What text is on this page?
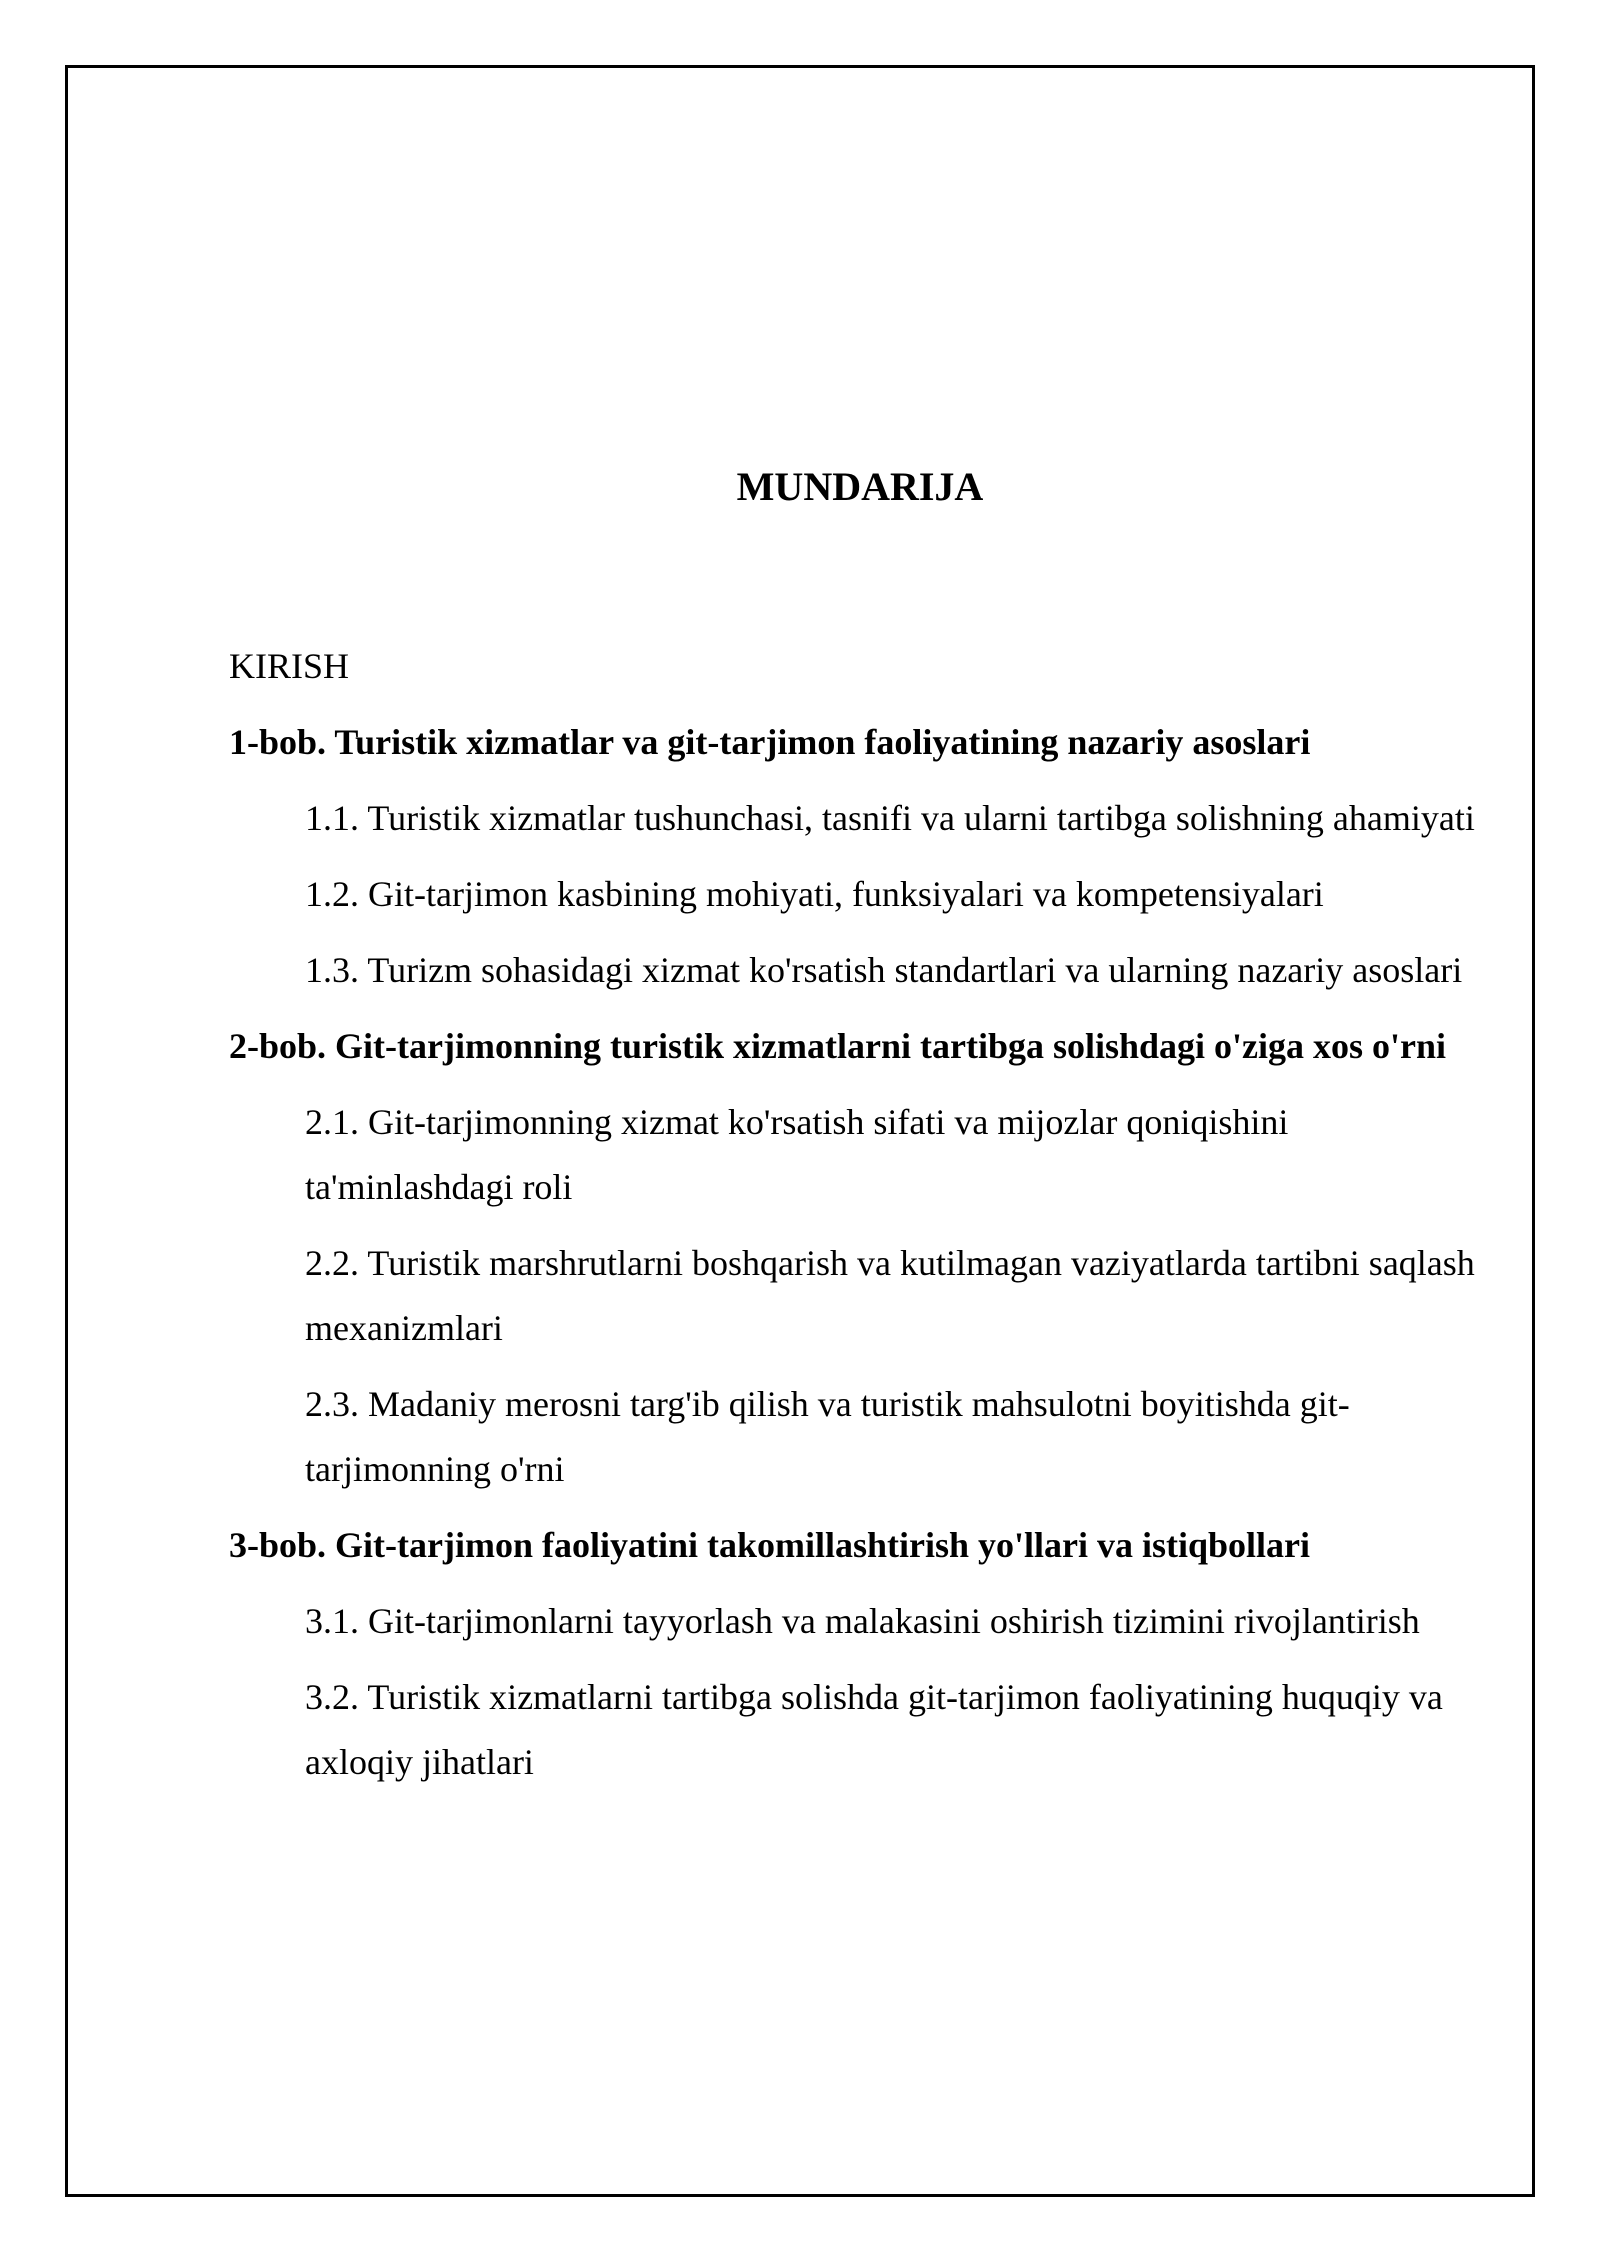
MUNDARIJA
KIRISH
1-bob. Turistik xizmatlar va git-tarjimon faoliyatining nazariy asoslari
1.1. Turistik xizmatlar tushunchasi, tasnifi va ularni tartibga solishning ahamiyati
1.2. Git-tarjimon kasbining mohiyati, funksiyalari va kompetensiyalari
1.3. Turizm sohasidagi xizmat ko'rsatish standartlari va ularning nazariy asoslari
2-bob. Git-tarjimonning turistik xizmatlarni tartibga solishdagi o'ziga xos o'rni
2.1. Git-tarjimonning xizmat ko'rsatish sifati va mijozlar qoniqishini ta'minlashdagi roli
2.2. Turistik marshrutlarni boshqarish va kutilmagan vaziyatlarda tartibni saqlash mexanizmlari
2.3. Madaniy merosni targ'ib qilish va turistik mahsulotni boyitishda git-tarjimonning o'rni
3-bob. Git-tarjimon faoliyatini takomillashtirish yo'llari va istiqbollari
3.1. Git-tarjimonlarni tayyorlash va malakasini oshirish tizimini rivojlantirish
3.2. Turistik xizmatlarni tartibga solishda git-tarjimon faoliyatining huquqiy va axloqiy jihatlari
